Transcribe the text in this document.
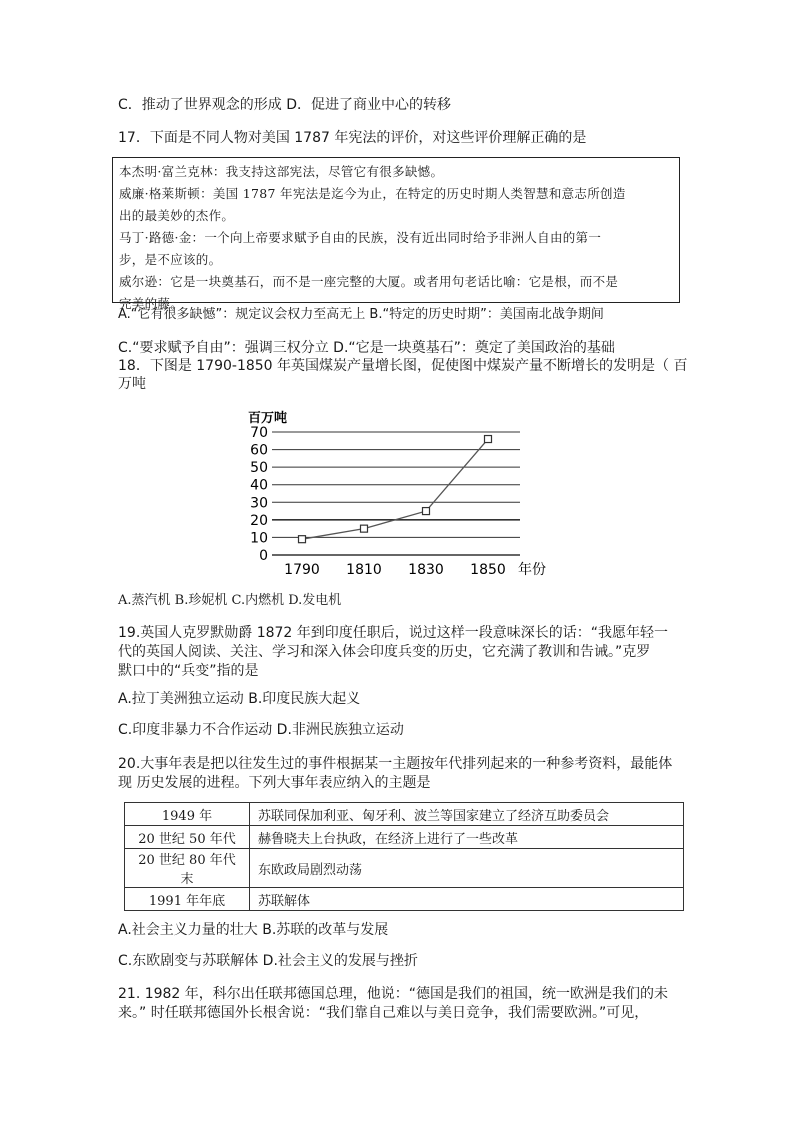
C．推动了世界观念的形成 D．促进了商业中心的转移
17．下面是不同人物对美国 1787 年宪法的评价，对这些评价理解正确的是

本杰明·富兰克林：我支持这部宪法，尽管它有很多缺憾。

威廉·格莱斯顿：美国 1787 年宪法是迄今为止，在特定的历史时期人类智慧和意志所创造

出的最美妙的杰作。

马丁·路德·金：一个向上帝要求赋予自由的民族，没有近出同时给予非洲人自由的第一

步，是不应该的。

威尔逊：它是一块奠基石，而不是一座完整的大厦。或者用句老话比喻：它是根，而不是

完美的藤。

A.“它有很多缺憾”：规定议会权力至高无上 B.“特定的历史时期”：美国南北战争期间
C.“要求赋予自由”：强调三权分立 D.“它是一块奠基石”：奠定了美国政治的基础
18．下图是 1790-1850 年英国煤炭产量增长图，促使图中煤炭产量不断增长的发明是（ 百
万吨
百万吨
0
10
20
30
40
50
60
70
1790 1810 1830 1850 年份
A.蒸汽机 B.珍妮机 C.内燃机 D.发电机
19.英国人克罗默勋爵 1872 年到印度任职后，说过这样一段意味深长的话：“我愿年轻一
代的英国人阅读、关注、学习和深入体会印度兵变的历史，它充满了教训和告诫。”克罗
默口中的“兵变”指的是
A.拉丁美洲独立运动 B.印度民族大起义
C.印度非暴力不合作运动 D.非洲民族独立运动
20.大事年表是把以往发生过的事件根据某一主题按年代排列起来的一种参考资料，最能体
现 历史发展的进程。下列大事年表应纳入的主题是
1949 年	苏联同保加利亚、匈牙利、波兰等国家建立了经济互助委员会
20 世纪 50 年代	赫鲁晓夫上台执政，在经济上进行了一些改革
20 世纪 80 年代末	东欧政局剧烈动荡
1991 年年底	苏联解体
A.社会主义力量的壮大 B.苏联的改革与发展
C.东欧剧变与苏联解体 D.社会主义的发展与挫折
21. 1982 年，科尔出任联邦德国总理，他说：“德国是我们的祖国，统一欧洲是我们的未
来。” 时任联邦德国外长根舍说：“我们靠自己难以与美日竞争，我们需要欧洲。”可见，
